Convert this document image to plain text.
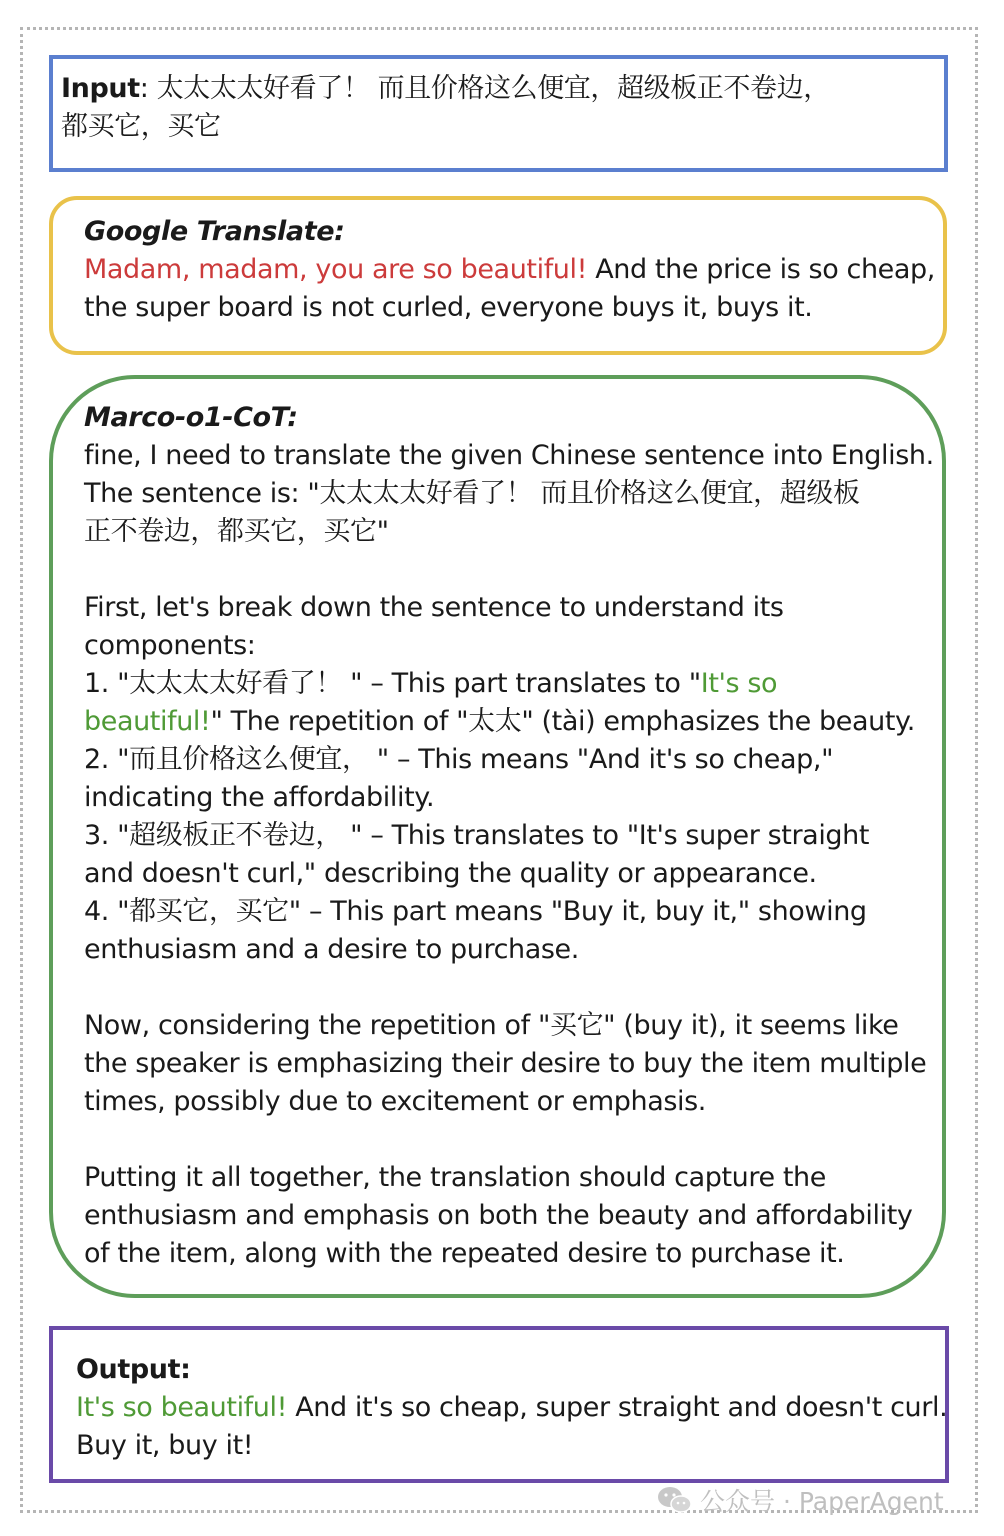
Input: 太太太太好看了！ 而且价格这么便宜，超级板正不卷边，
都买它，买它
Google Translate:
Madam, madam, you are so beautiful! And the price is so cheap,
the super board is not curled, everyone buys it, buys it.
Marco-o1-CoT:
fine, I need to translate the given Chinese sentence into English.
The sentence is: "太太太太好看了！ 而且价格这么便宜，超级板
正不卷边，都买它，买它"
First, let's break down the sentence to understand its
components:
1. "太太太太好看了！ " – This part translates to "It's so
beautiful!" The repetition of "太太" (tài) emphasizes the beauty.
2. "而且价格这么便宜， " – This means "And it's so cheap,"
indicating the affordability.
3. "超级板正不卷边， " – This translates to "It's super straight
and doesn't curl," describing the quality or appearance.
4. "都买它，买它" – This part means "Buy it, buy it," showing
enthusiasm and a desire to purchase.
Now, considering the repetition of "买它" (buy it), it seems like
the speaker is emphasizing their desire to buy the item multiple
times, possibly due to excitement or emphasis.
Putting it all together, the translation should capture the
enthusiasm and emphasis on both the beauty and affordability
of the item, along with the repeated desire to purchase it.
Output:
It's so beautiful! And it's so cheap, super straight and doesn't curl.
Buy it, buy it!
公众号 · PaperAgent
